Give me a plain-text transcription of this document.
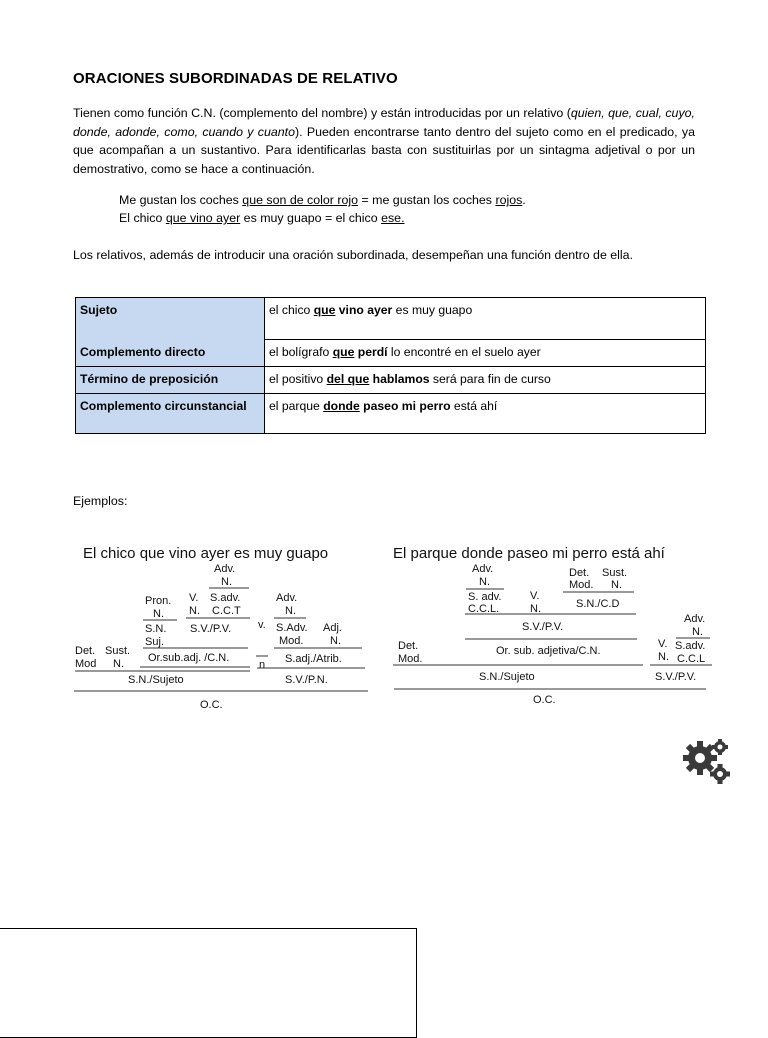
ORACIONES SUBORDINADAS DE RELATIVO
Tienen como función C.N. (complemento del nombre) y están introducidas por un relativo (quien, que, cual, cuyo, donde, adonde, como, cuando y cuanto). Pueden encontrarse tanto dentro del sujeto como en el predicado, ya que acompañan a un sustantivo. Para identificarlas basta con sustituirlas por un sintagma adjetival o por un demostrativo, como se hace a continuación.
Me gustan los coches que son de color rojo = me gustan los coches rojos.
El chico que vino ayer es muy guapo = el chico ese.
Los relativos, además de introducir una oración subordinada, desempeñan una función dentro de ella.
Sujeto	el chico que vino ayer es muy guapo
Complemento directo	el bolígrafo que perdí lo encontré en el suelo ayer
Término de preposición	el positivo del que hablamos será para fin de curso
Complemento circunstancial	el parque donde paseo mi perro está ahí
Ejemplos:
El chico que vino ayer es muy guapo
Adv.
N.
Pron.
N.
V.
N.
S.adv.
C.C.T
S.N.
Suj.
S.V./P.V.
Adv.
N.
S.Adv.
Mod.
Adj.
N.
Det.
Mod
Sust.
N. Or.sub.adj. /C.N.
v.
n S.adj./Atrib.
S.N./Sujeto	S.V./P.N.
O.C.
El parque donde paseo mi perro está ahí
Adv.
N.
S. adv.
C.C.L.
V.
N.
Det.
Mod.
Sust.
N.
S.N./C.D
S.V./P.V.
Det.
Mod.
Or. sub. adjetiva/C.N.
V.
N.
Adv.
N.
S.adv.
C.C.L
S.N./Sujeto	S.V./P.V.
O.C.
